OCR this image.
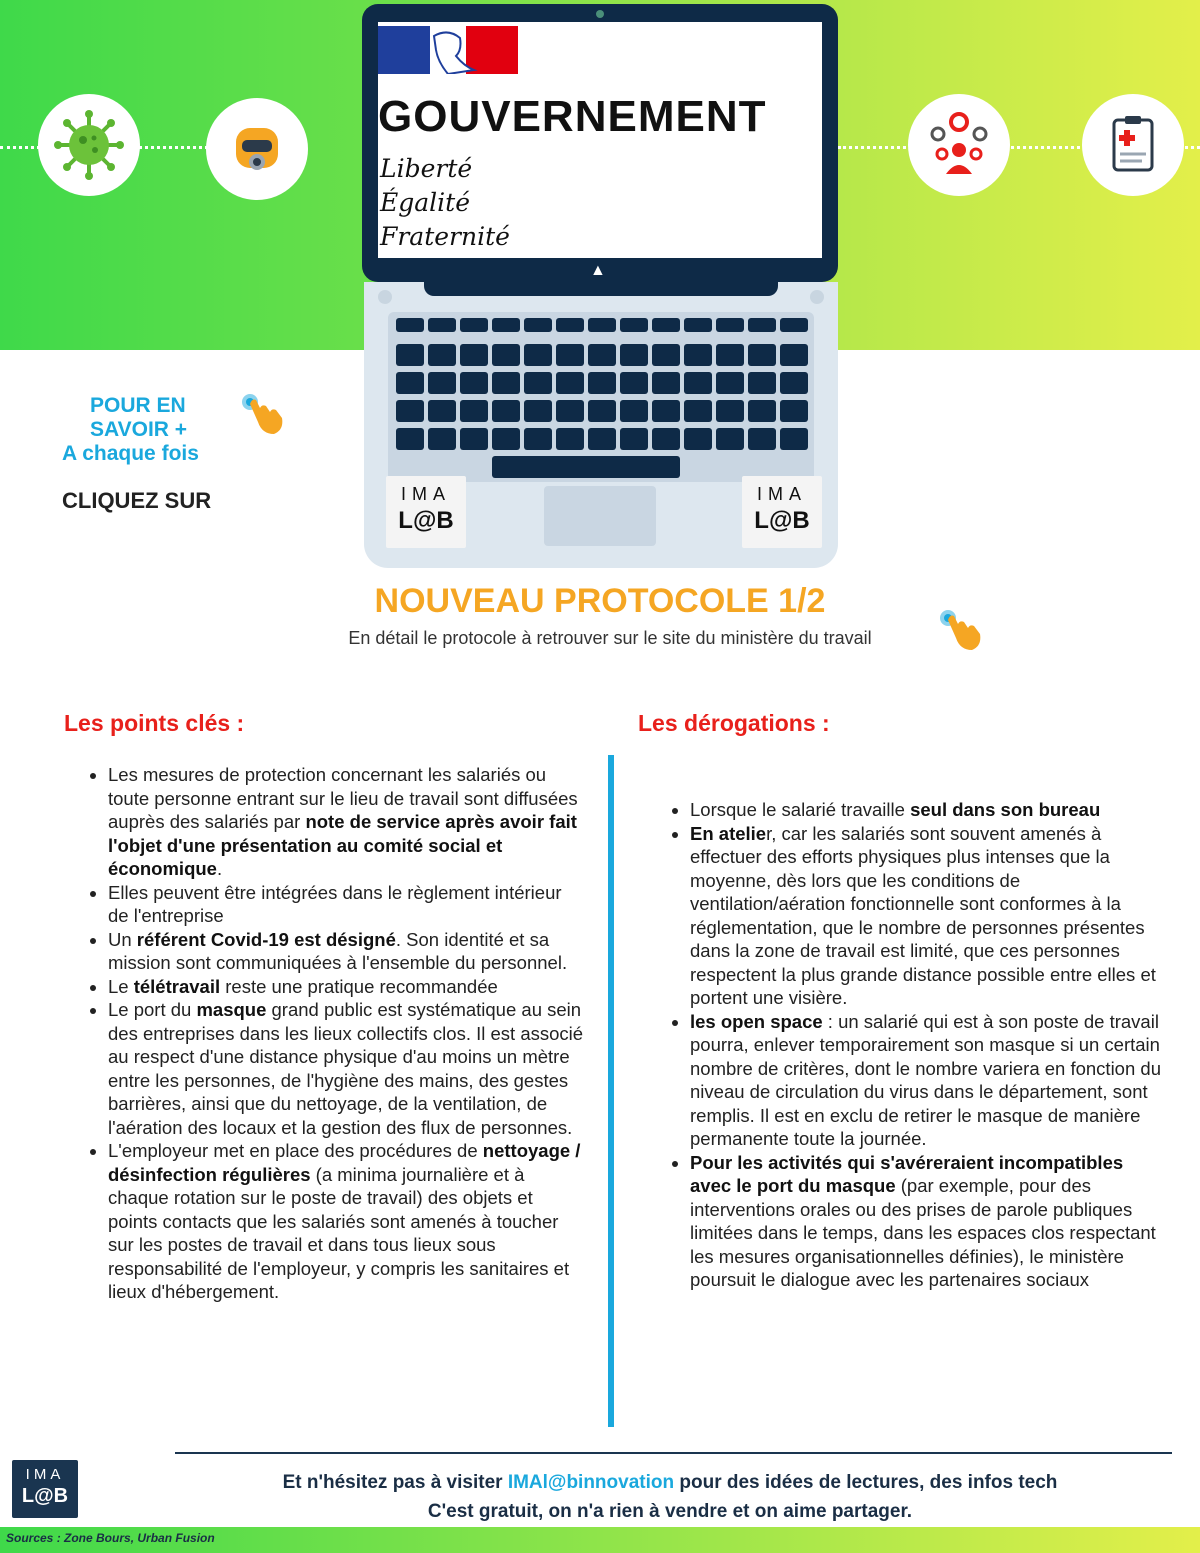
GOUVERNEMENT
Liberté
Égalité
Fraternité
▲
IMA
L@B
IMA
L@B
POUR EN
SAVOIR +
A chaque fois
CLIQUEZ SUR
NOUVEAU PROTOCOLE 1/2
En détail le protocole à retrouver sur le site du ministère du travail
Les points clés :	Les dérogations :
• Les mesures de protection concernant les salariés ou toute personne entrant sur le lieu de travail sont diffusées auprès des salariés par note de service après avoir fait l'objet d'une présentation au comité social et économique.
• Elles peuvent être intégrées dans le règlement intérieur de l'entreprise
• Un référent Covid-19 est désigné. Son identité et sa mission sont communiquées à l'ensemble du personnel.
• Le télétravail reste une pratique recommandée
• Le port du masque grand public est systématique au sein des entreprises dans les lieux collectifs clos. Il est associé au respect d'une distance physique d'au moins un mètre entre les personnes, de l'hygiène des mains, des gestes barrières, ainsi que du nettoyage, de la ventilation, de l'aération des locaux et la gestion des flux de personnes.
• L'employeur met en place des procédures de nettoyage / désinfection régulières (a minima journalière et à chaque rotation sur le poste de travail) des objets et points contacts que les salariés sont amenés à toucher sur les postes de travail et dans tous lieux sous responsabilité de l'employeur, y compris les sanitaires et lieux d'hébergement.
• Lorsque le salarié travaille seul dans son bureau
• En atelier, car les salariés sont souvent amenés à effectuer des efforts physiques plus intenses que la moyenne, dès lors que les conditions de ventilation/aération fonctionnelle sont conformes à la réglementation, que le nombre de personnes présentes dans la zone de travail est limité, que ces personnes respectent la plus grande distance possible entre elles et portent une visière.
• les open space : un salarié qui est à son poste de travail pourra, enlever temporairement son masque si un certain nombre de critères, dont le nombre variera en fonction du niveau de circulation du virus dans le département, sont remplis. Il est en exclu de retirer le masque de manière permanente toute la journée.
• Pour les activités qui s'avéreraient incompatibles avec le port du masque (par exemple, pour des interventions orales ou des prises de parole publiques limitées dans le temps, dans les espaces clos respectant les mesures organisationnelles définies), le ministère poursuit le dialogue avec les partenaires sociaux
IMA
L@B
Et n'hésitez pas à visiter IMAl@binnovation pour des idées de lectures, des infos tech
C'est gratuit, on n'a rien à vendre et on aime partager.
Sources : Zone Bours, Urban Fusion
